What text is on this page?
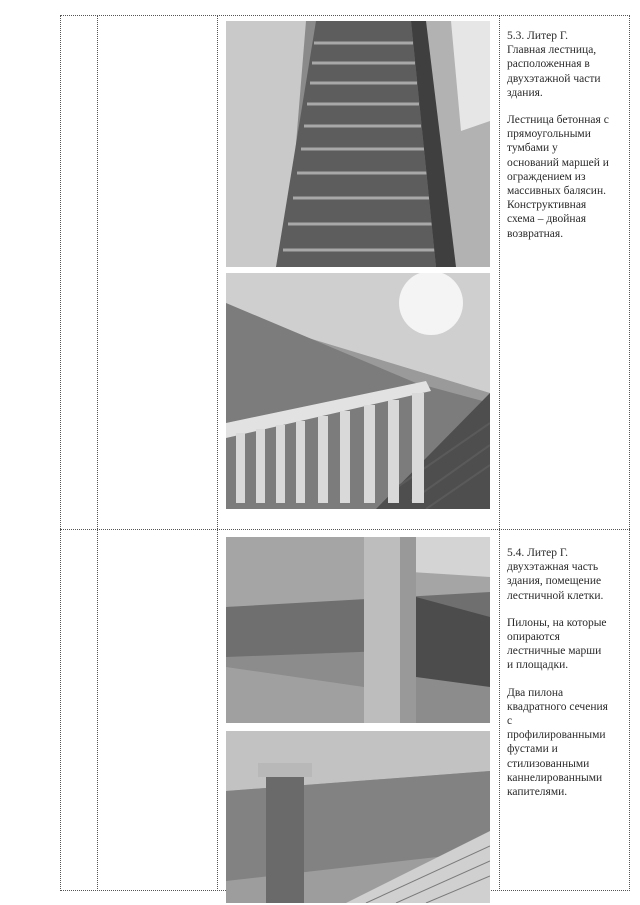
5.3. Литер Г.
Главная лестница,
расположенная в
двухэтажной части
здания.

Лестница бетонная с
прямоугольными
тумбами у
оснований маршей и
ограждением из
массивных балясин.
Конструктивная
схема – двойная
возвратная.

5.4. Литер Г.
двухэтажная часть
здания, помещение
лестничной клетки.

Пилоны, на которые
опираются
лестничные марши
и площадки.

Два пилона
квадратного сечения
с
профилированными
фустами и
стилизованными
каннелированными
капителями.
